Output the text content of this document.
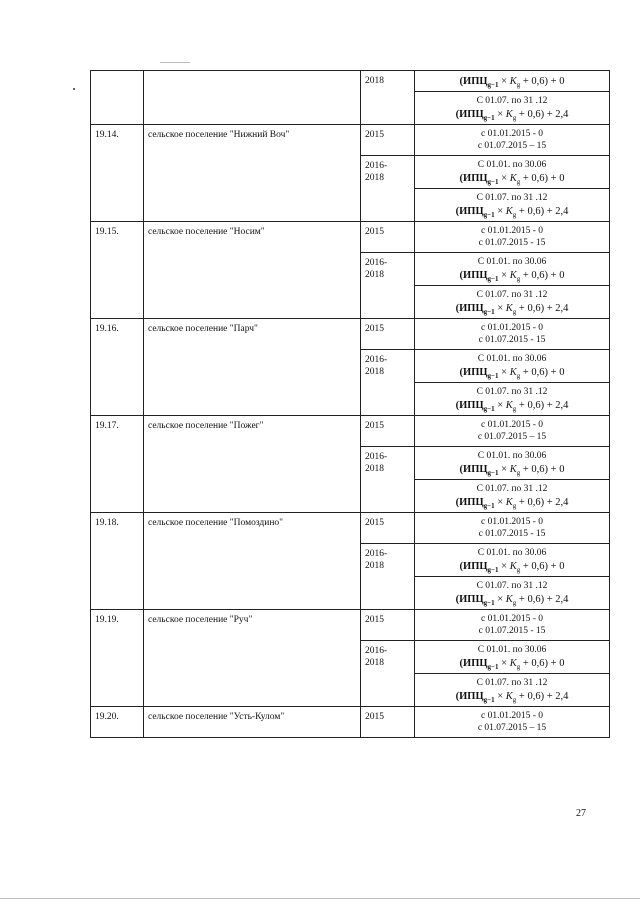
		2018	$(ИПЦ_{g-1} \times K_g + 0,6) + 0$

			С 01.07. по 31 .12
$(ИПЦ_{g-1} \times K_g + 0,6) + 2,4$

19.14.	сельское поселение "Нижний Воч"	2015	с 01.01.2015 - 0
с 01.07.2015 – 15

		2016-
2018	С 01.01. по 30.06
$(ИПЦ_{g-1} \times K_g + 0,6) + 0$

			С 01.07. по 31 .12
$(ИПЦ_{g-1} \times K_g + 0,6) + 2,4$

19.15.	сельское поселение "Носим"	2015	с 01.01.2015 - 0
с 01.07.2015 - 15

		2016-
2018	С 01.01. по 30.06
$(ИПЦ_{g-1} \times K_g + 0,6) + 0$

			С 01.07. по 31 .12
$(ИПЦ_{g-1} \times K_g + 0,6) + 2,4$

19.16.	сельское поселение "Парч"	2015	с 01.01.2015 - 0
с 01.07.2015 - 15

		2016-
2018	С 01.01. по 30.06
$(ИПЦ_{g-1} \times K_g + 0,6) + 0$

			С 01.07. по 31 .12
$(ИПЦ_{g-1} \times K_g + 0,6) + 2,4$

19.17.	сельское поселение "Пожег"	2015	с 01.01.2015 - 0
с 01.07.2015 – 15

		2016-
2018	С 01.01. по 30.06
$(ИПЦ_{g-1} \times K_g + 0,6) + 0$

			С 01.07. по 31 .12
$(ИПЦ_{g-1} \times K_g + 0,6) + 2,4$

19.18.	сельское поселение "Помоздино"	2015	с 01.01.2015 - 0
с 01.07.2015 - 15

		2016-
2018	С 01.01. по 30.06
$(ИПЦ_{g-1} \times K_g + 0,6) + 0$

			С 01.07. по 31 .12
$(ИПЦ_{g-1} \times K_g + 0,6) + 2,4$

19.19.	сельское поселение "Руч"	2015	с 01.01.2015 - 0
с 01.07.2015 - 15

		2016-
2018	С 01.01. по 30.06
$(ИПЦ_{g-1} \times K_g + 0,6) + 0$

			С 01.07. по 31 .12
$(ИПЦ_{g-1} \times K_g + 0,6) + 2,4$

19.20.	сельское поселение "Усть-Кулом"	2015	с 01.01.2015 - 0
с 01.07.2015 – 15
27
